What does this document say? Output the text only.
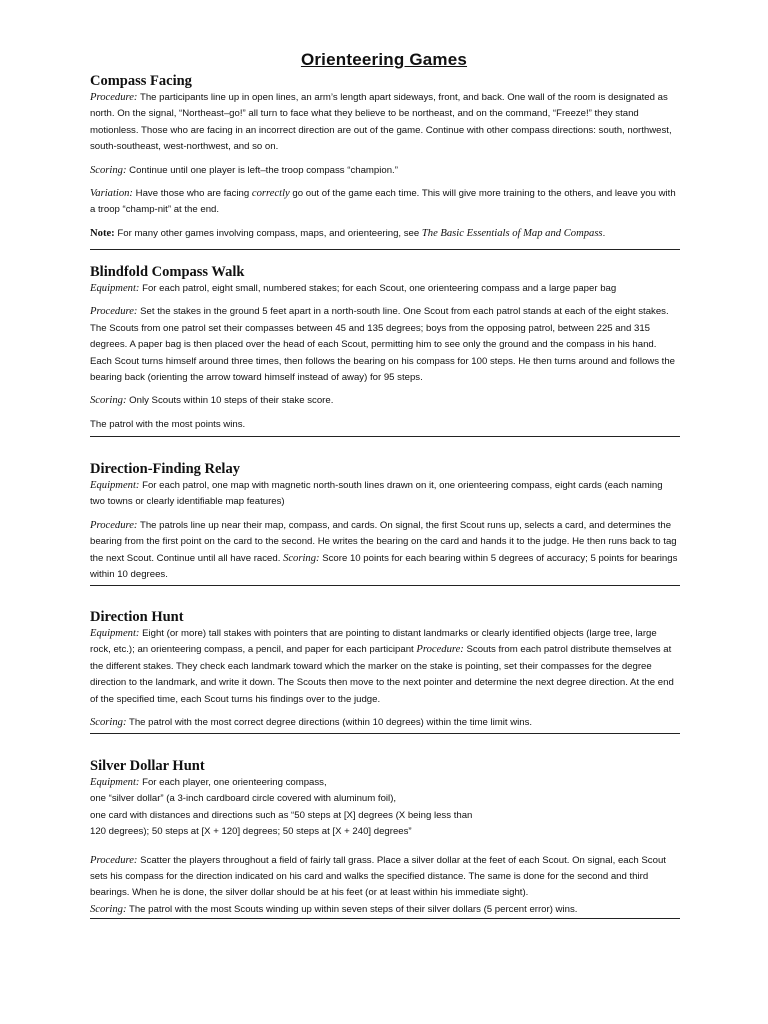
Orienteering Games
Compass Facing

Procedure: The participants line up in open lines, an arm’s length apart sideways, front, and back. One wall of the room is designated as north. On the signal, “Northeast–go!” all turn to face what they believe to be northeast, and on the command, “Freeze!” they stand motionless. Those who are facing in an incorrect direction are out of the game. Continue with other compass directions: south, northwest, south-southeast, west-northwest, and so on.

Scoring: Continue until one player is left–the troop compass “champion.”

Variation: Have those who are facing correctly go out of the game each time. This will give more training to the others, and leave you with a troop “champ-nit” at the end.

Note: For many other games involving compass, maps, and orienteering, see The Basic Essentials of Map and Compass.

Blindfold Compass Walk

Equipment: For each patrol, eight small, numbered stakes; for each Scout, one orienteering compass and a large paper bag

Procedure: Set the stakes in the ground 5 feet apart in a north-south line. One Scout from each patrol stands at each of the eight stakes. The Scouts from one patrol set their compasses between 45 and 135 degrees; boys from the opposing patrol, between 225 and 315 degrees. A paper bag is then placed over the head of each Scout, permitting him to see only the ground and the compass in his hand. Each Scout turns himself around three times, then follows the bearing on his compass for 100 steps. He then turns around and follows the bearing back (orienting the arrow toward himself instead of away) for 95 steps.

Scoring: Only Scouts within 10 steps of their stake score.

The patrol with the most points wins.

Direction-Finding Relay

Equipment: For each patrol, one map with magnetic north-south lines drawn on it, one orienteering compass, eight cards (each naming two towns or clearly identifiable map features)

Procedure: The patrols line up near their map, compass, and cards. On signal, the first Scout runs up, selects a card, and determines the bearing from the first point on the card to the second. He writes the bearing on the card and hands it to the judge. He then runs back to tag the next Scout. Continue until all have raced. Scoring: Score 10 points for each bearing within 5 degrees of accuracy; 5 points for bearings within 10 degrees.

Direction Hunt

Equipment: Eight (or more) tall stakes with pointers that are pointing to distant landmarks or clearly identified objects (large tree, large rock, etc.); an orienteering compass, a pencil, and paper for each participant Procedure: Scouts from each patrol distribute themselves at the different stakes. They check each landmark toward which the marker on the stake is pointing, set their compasses for the degree direction to the landmark, and write it down. The Scouts then move to the next pointer and determine the next degree direction. At the end of the specified time, each Scout turns his findings over to the judge.

Scoring: The patrol with the most correct degree directions (within 10 degrees) within the time limit wins.

Silver Dollar Hunt

Equipment: For each player, one orienteering compass,
one “silver dollar” (a 3-inch cardboard circle covered with aluminum foil),
one card with distances and directions such as “50 steps at [X] degrees (X being less than
120 degrees); 50 steps at [X + 120] degrees; 50 steps at [X + 240] degrees”

Procedure: Scatter the players throughout a field of fairly tall grass. Place a silver dollar at the feet of each Scout. On signal, each Scout sets his compass for the direction indicated on his card and walks the specified distance. The same is done for the second and third bearings. When he is done, the silver dollar should be at his feet (or at least within his immediate sight).
Scoring: The patrol with the most Scouts winding up within seven steps of their silver dollars (5 percent error) wins.
